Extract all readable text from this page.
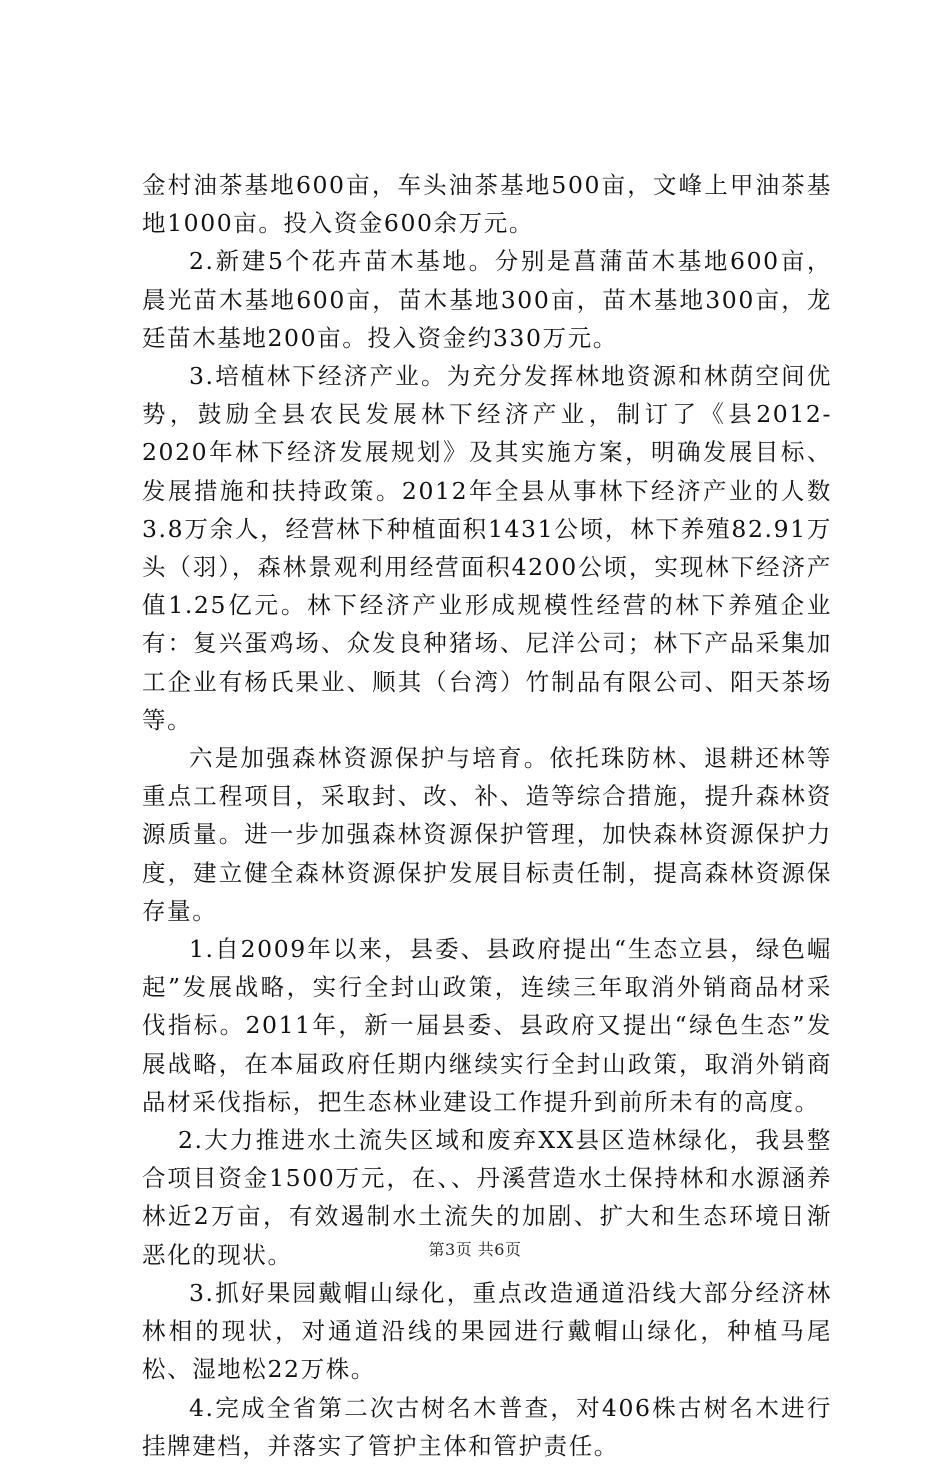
金村油茶基地600亩，车头油茶基地500亩，文峰上甲油茶基地1000亩。投入资金600余万元。

2.新建5个花卉苗木基地。分别是菖蒲苗木基地600亩，晨光苗木基地600亩，苗木基地300亩，苗木基地300亩，龙廷苗木基地200亩。投入资金约330万元。

3.培植林下经济产业。为充分发挥林地资源和林荫空间优势，鼓励全县农民发展林下经济产业，制订了《县2012-2020年林下经济发展规划》及其实施方案，明确发展目标、发展措施和扶持政策。2012年全县从事林下经济产业的人数3.8万余人，经营林下种植面积1431公顷，林下养殖82.91万头（羽），森林景观利用经营面积4200公顷，实现林下经济产值1.25亿元。林下经济产业形成规模性经营的林下养殖企业有：复兴蛋鸡场、众发良种猪场、尼洋公司；林下产品采集加工企业有杨氏果业、顺其（台湾）竹制品有限公司、阳天茶场等。

六是加强森林资源保护与培育。依托珠防林、退耕还林等重点工程项目，采取封、改、补、造等综合措施，提升森林资源质量。进一步加强森林资源保护管理，加快森林资源保护力度，建立健全森林资源保护发展目标责任制，提高森林资源保存量。

1.自2009年以来，县委、县政府提出“生态立县，绿色崛起”发展战略，实行全封山政策，连续三年取消外销商品材采伐指标。2011年，新一届县委、县政府又提出“绿色生态”发展战略，在本届政府任期内继续实行全封山政策，取消外销商品材采伐指标，把生态林业建设工作提升到前所未有的高度。

2.大力推进水土流失区域和废弃XX县区造林绿化，我县整合项目资金1500万元，在、、丹溪营造水土保持林和水源涵养林近2万亩，有效遏制水土流失的加剧、扩大和生态环境日渐恶化的现状。

3.抓好果园戴帽山绿化，重点改造通道沿线大部分经济林林相的现状，对通道沿线的果园进行戴帽山绿化，种植马尾松、湿地松22万株。

4.完成全省第二次古树名木普查，对406株古树名木进行挂牌建档，并落实了管护主体和管护责任。

第3页 共6页
